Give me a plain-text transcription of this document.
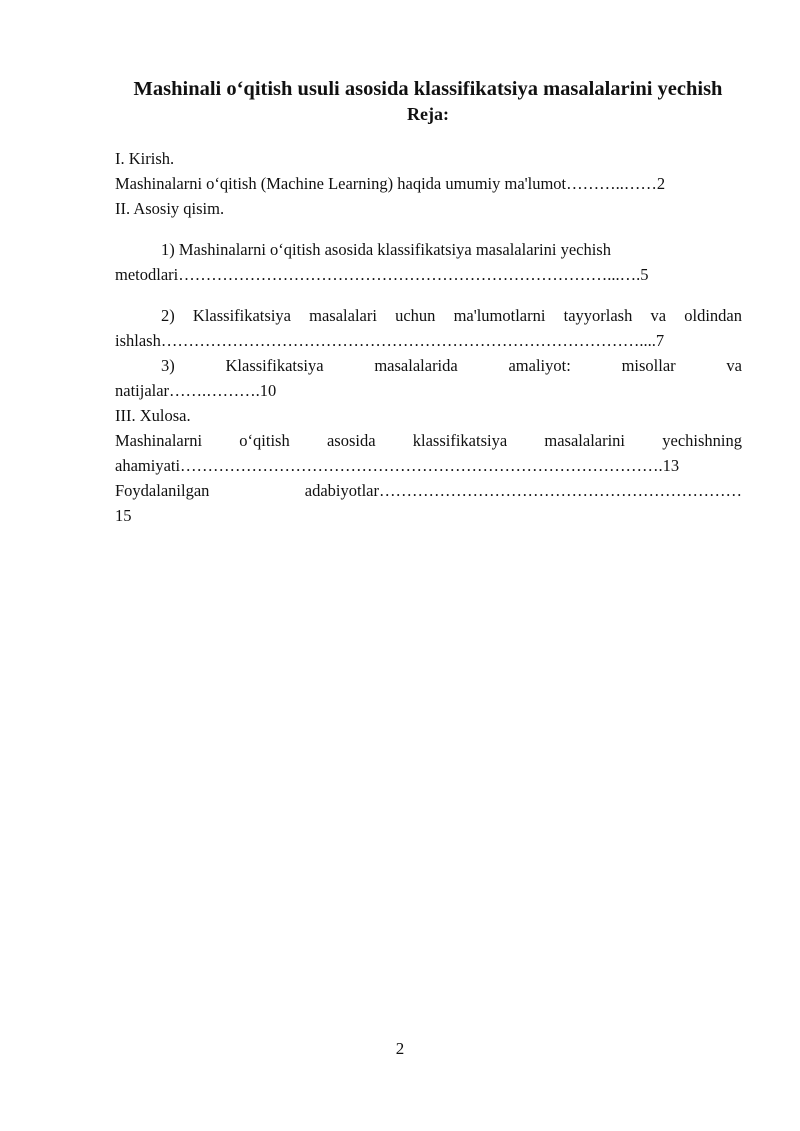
Mashinali o‘qitish usuli asosida klassifikatsiya masalalarini yechish
Reja:
I. Kirish.
Mashinalarni o‘qitish (Machine Learning) haqida umumiy ma'lumot………..……2
II. Asosiy qisim.
1) Mashinalarni o‘qitish asosida klassifikatsiya masalalarini yechish
metodlari……………………………………………………………………...….5
2) Klassifikatsiya masalalari uchun ma'lumotlarni tayyorlash va oldindan
ishlash……………………………………………………………………………....7
3) Klassifikatsiya masalalarida amaliyot: misollar va
natijalar…….……….10
III. Xulosa.
Mashinalarni o‘qitish asosida klassifikatsiya masalalarini yechishning
ahamiyati…………………………………………………………………………….13
Foydalanilgan adabiyotlar…………………………………………………………
15

2
